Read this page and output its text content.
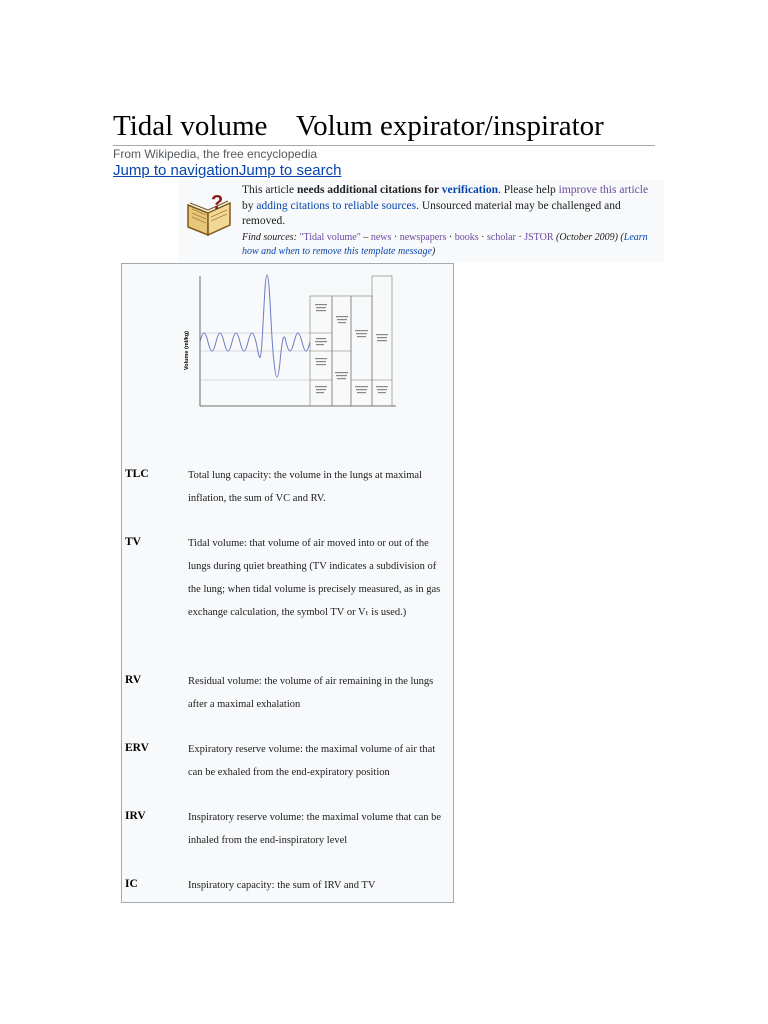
Tidal volume    Volum expirator/inspirator
From Wikipedia, the free encyclopedia
Jump to navigationJump to search
?
This article needs additional citations for verification. Please help improve this article by adding citations to reliable sources. Unsourced material may be challenged and removed.
Find sources: "Tidal volume" – news · newspapers · books · scholar · JSTOR (October 2009) (Learn how and when to remove this template message)
Volume (ml/kg)
TLC	Total lung capacity: the volume in the lungs at maximal inflation, the sum of VC and RV.
TV	Tidal volume: that volume of air moved into or out of the lungs during quiet breathing (TV indicates a subdivision of the lung; when tidal volume is precisely measured, as in gas exchange calculation, the symbol TV or Vₜ is used.)
RV	Residual volume: the volume of air remaining in the lungs after a maximal exhalation
ERV	Expiratory reserve volume: the maximal volume of air that can be exhaled from the end-expiratory position
IRV	Inspiratory reserve volume: the maximal volume that can be inhaled from the end-inspiratory level
IC	Inspiratory capacity: the sum of IRV and TV
